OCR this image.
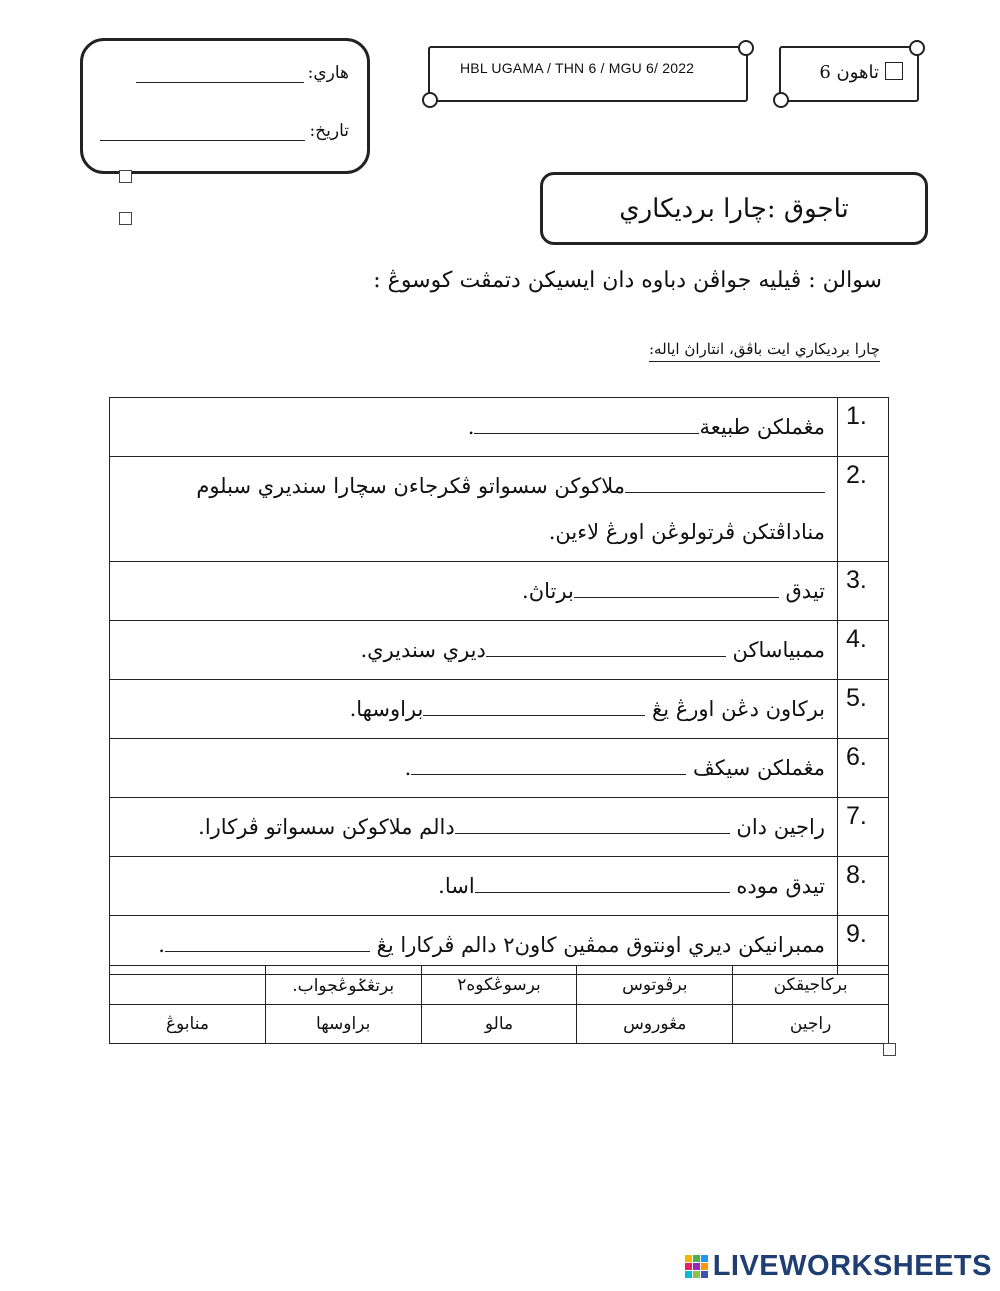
هاري:
تاريخ:
HBL UGAMA / THN 6 / MGU 6/ 2022	تاهون 6
تاجوق :چارا برديكاري
سوالن : ڤيليه جواڤن دباوه دان ايسيكن دتمڤت كوسوڠ :
چارا برديكاري ايت باڤق، انتاراڽ اياله:
مڠملكن طبيعة.	1.
ملاكوكن سسواتو ڤكرجاءن سچارا سنديري سبلوم مناداڤتكن ڤرتولوڠن اورڠ لاءين.	2.
تيدق برتاڽ.	3.
ممبياساكن ديري سنديري.	4.
بركاون دڠن اورڠ يڠ براوسها.	5.
مڠملكن سيكڤ .	6.
راجين دان دالم ملاكوكن سسواتو ڤركارا.	7.
تيدق موده اسا.	8.
ممبرانيكن ديري اونتوق ممڤين كاون٢ دالم ڤركارا يڠ .	9.
	برتڠݢوڠجواب.	برسوڠكوه٢	برڤوتوس	بركاجيقكن
منابوڠ	براوسها	مالو	مڠوروس	راجين
LIVEWORKSHEETS
